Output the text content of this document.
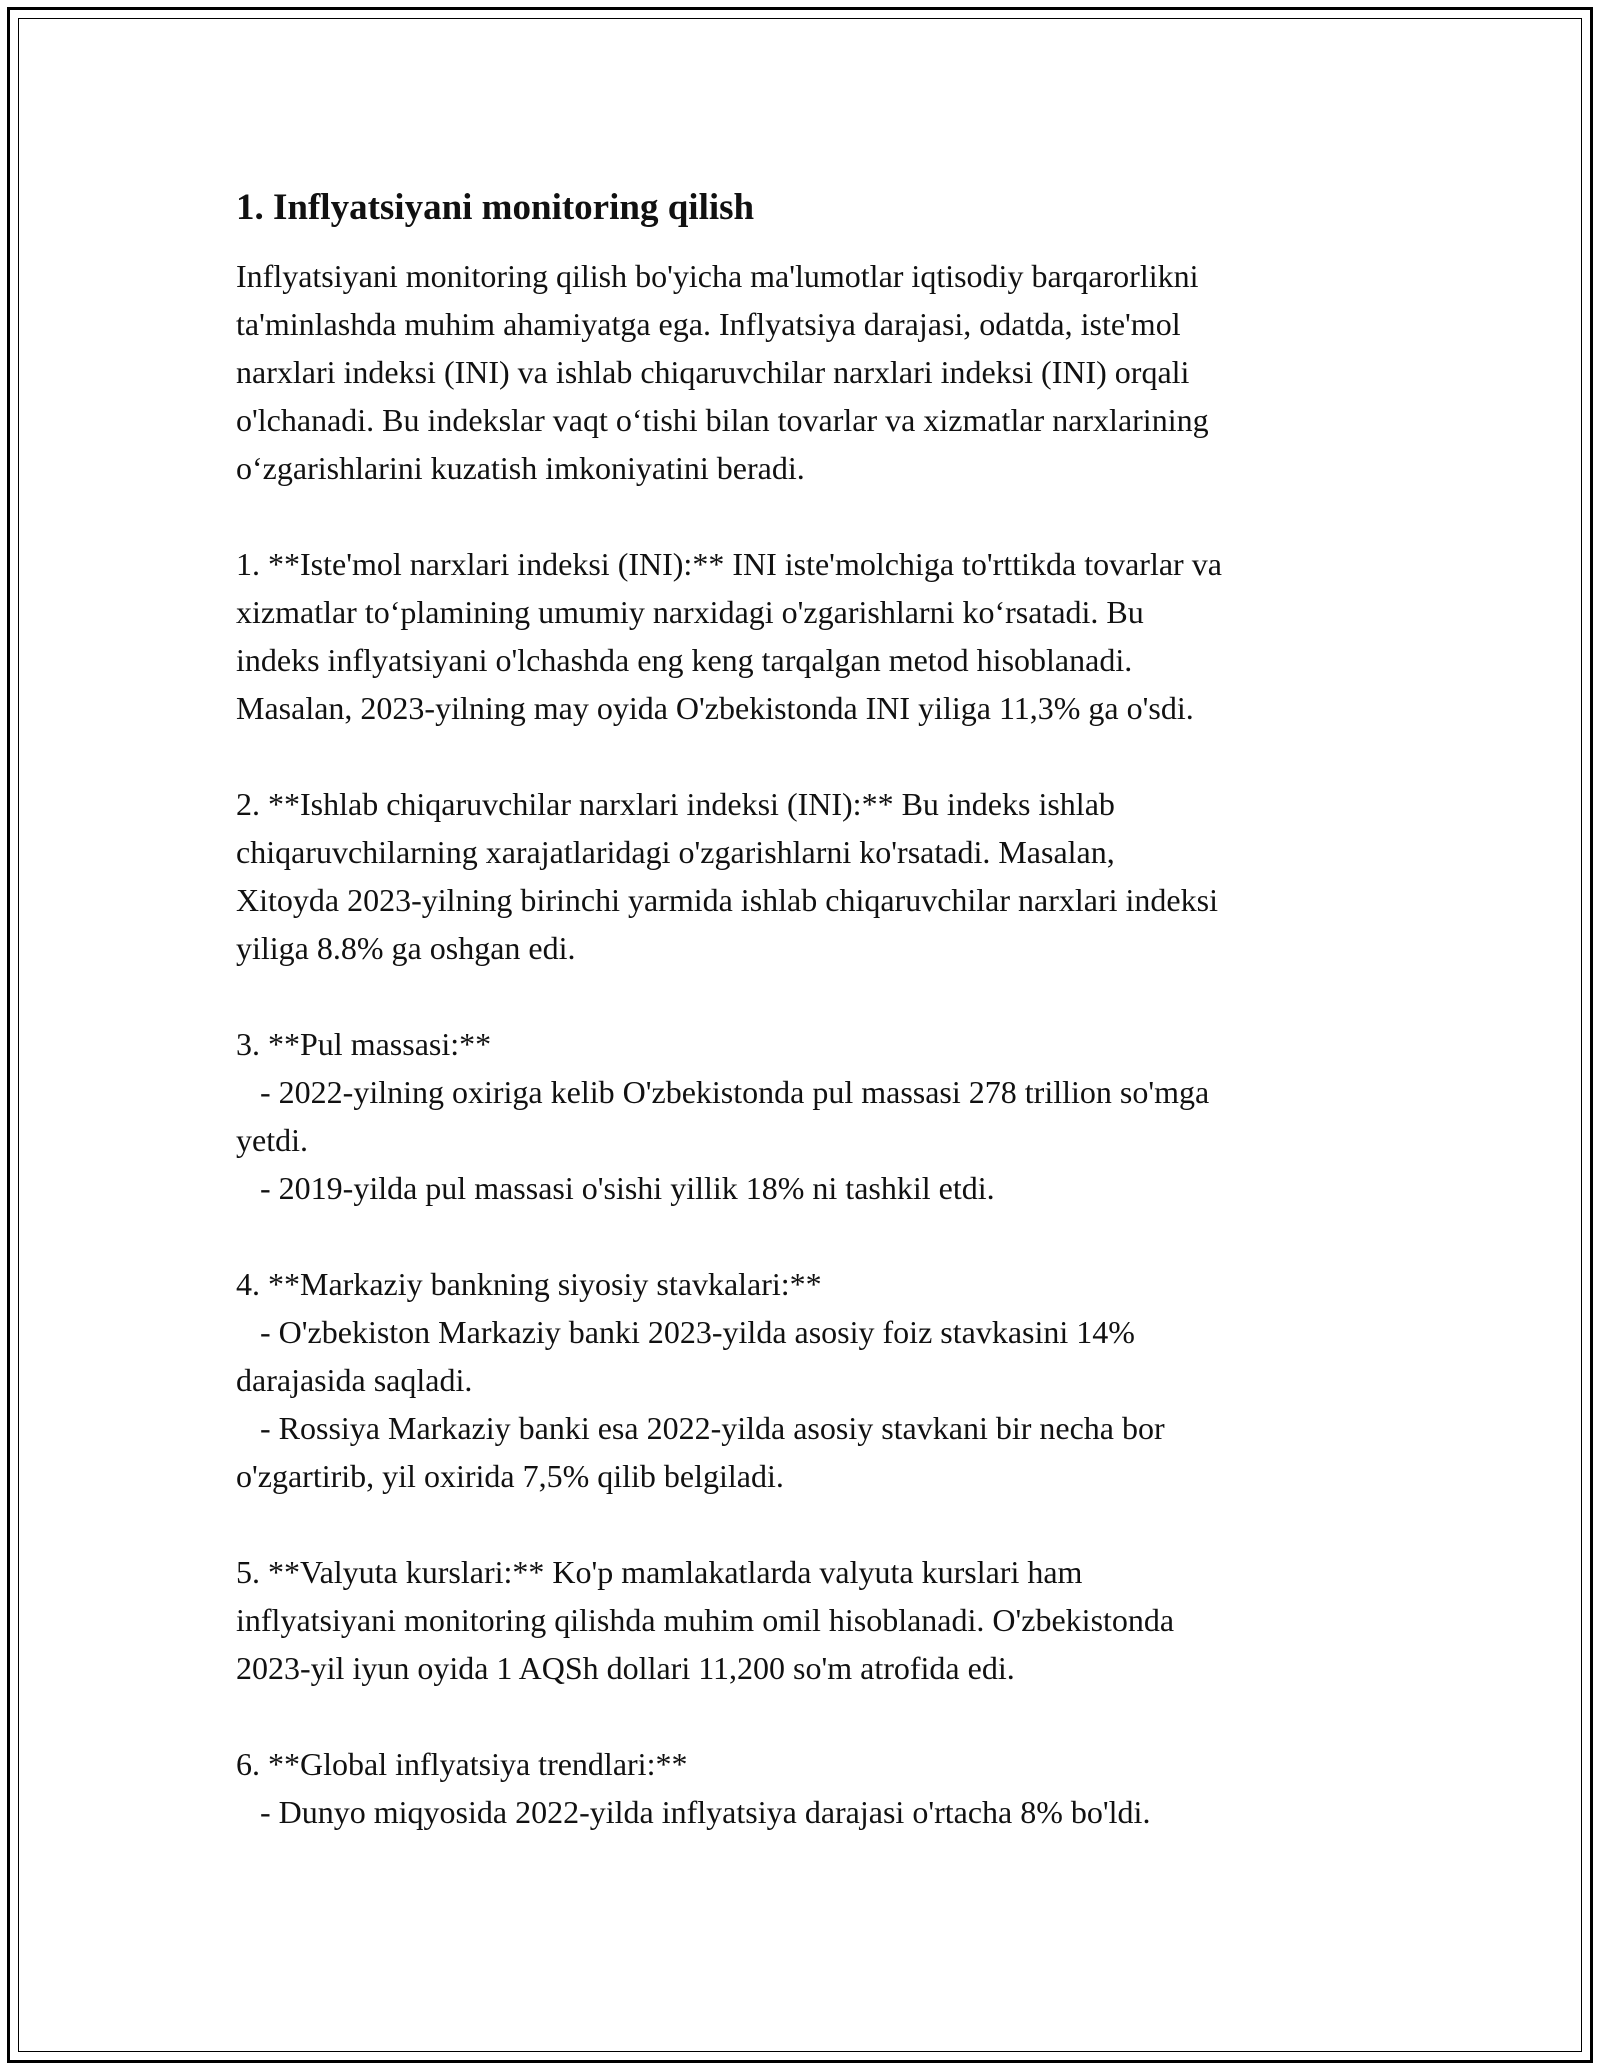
1. Inflyatsiyani monitoring qilish

Inflyatsiyani monitoring qilish bo'yicha ma'lumotlar iqtisodiy barqarorlikni
ta'minlashda muhim ahamiyatga ega. Inflyatsiya darajasi, odatda, iste'mol
narxlari indeksi (INI) va ishlab chiqaruvchilar narxlari indeksi (INI) orqali
o'lchanadi. Bu indekslar vaqt o‘tishi bilan tovarlar va xizmatlar narxlarining
o‘zgarishlarini kuzatish imkoniyatini beradi.

1. **Iste'mol narxlari indeksi (INI):** INI iste'molchiga to'rttikda tovarlar va
xizmatlar to‘plamining umumiy narxidagi o'zgarishlarni ko‘rsatadi. Bu
indeks inflyatsiyani o'lchashda eng keng tarqalgan metod hisoblanadi.
Masalan, 2023-yilning may oyida O'zbekistonda INI yiliga 11,3% ga o'sdi.

2. **Ishlab chiqaruvchilar narxlari indeksi (INI):** Bu indeks ishlab
chiqaruvchilarning xarajatlaridagi o'zgarishlarni ko'rsatadi. Masalan,
Xitoyda 2023-yilning birinchi yarmida ishlab chiqaruvchilar narxlari indeksi
yiliga 8.8% ga oshgan edi.

3. **Pul massasi:**
- 2022-yilning oxiriga kelib O'zbekistonda pul massasi 278 trillion so'mga
yetdi.
- 2019-yilda pul massasi o'sishi yillik 18% ni tashkil etdi.

4. **Markaziy bankning siyosiy stavkalari:**
- O'zbekiston Markaziy banki 2023-yilda asosiy foiz stavkasini 14%
darajasida saqladi.
- Rossiya Markaziy banki esa 2022-yilda asosiy stavkani bir necha bor
o'zgartirib, yil oxirida 7,5% qilib belgiladi.

5. **Valyuta kurslari:** Ko'p mamlakatlarda valyuta kurslari ham
inflyatsiyani monitoring qilishda muhim omil hisoblanadi. O'zbekistonda
2023-yil iyun oyida 1 AQSh dollari 11,200 so'm atrofida edi.

6. **Global inflyatsiya trendlari:**
- Dunyo miqyosida 2022-yilda inflyatsiya darajasi o'rtacha 8% bo'ldi.
